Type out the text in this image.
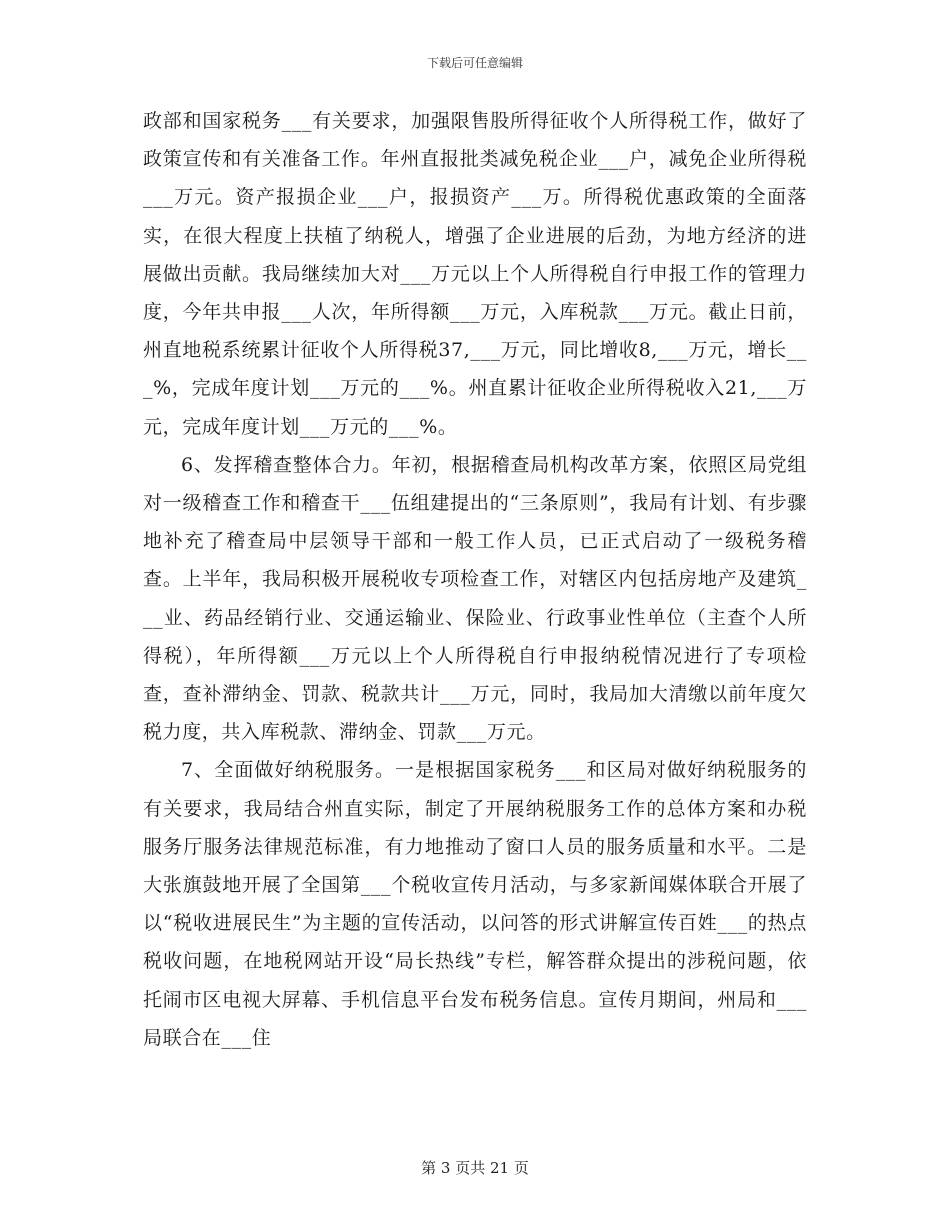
下载后可任意编辑

政部和国家税务___有关要求，加强限售股所得征收个人所得税工作，做好了政策宣传和有关准备工作。年州直报批类减免税企业___户，减免企业所得税___万元。资产报损企业___户，报损资产___万。所得税优惠政策的全面落实，在很大程度上扶植了纳税人，增强了企业进展的后劲，为地方经济的进展做出贡献。我局继续加大对___万元以上个人所得税自行申报工作的管理力度，今年共申报___人次，年所得额___万元，入库税款___万元。截止日前，州直地税系统累计征收个人所得税37,___万元，同比增收8,___万元，增长___%，完成年度计划___万元的___%。州直累计征收企业所得税收入21,___万元，完成年度计划___万元的___%。

6、发挥稽查整体合力。年初，根据稽查局机构改革方案，依照区局党组对一级稽查工作和稽查干___伍组建提出的“三条原则”，我局有计划、有步骤地补充了稽查局中层领导干部和一般工作人员，已正式启动了一级税务稽查。上半年，我局积极开展税收专项检查工作，对辖区内包括房地产及建筑___业、药品经销行业、交通运输业、保险业、行政事业性单位（主查个人所得税），年所得额___万元以上个人所得税自行申报纳税情况进行了专项检查，查补滞纳金、罚款、税款共计___万元，同时，我局加大清缴以前年度欠税力度，共入库税款、滞纳金、罚款___万元。

7、全面做好纳税服务。一是根据国家税务___和区局对做好纳税服务的有关要求，我局结合州直实际，制定了开展纳税服务工作的总体方案和办税服务厅服务法律规范标准，有力地推动了窗口人员的服务质量和水平。二是大张旗鼓地开展了全国第___个税收宣传月活动，与多家新闻媒体联合开展了以“税收进展民生”为主题的宣传活动，以问答的形式讲解宣传百姓___的热点税收问题，在地税网站开设“局长热线”专栏，解答群众提出的涉税问题，依托闹市区电视大屏幕、手机信息平台发布税务信息。宣传月期间，州局和___局联合在___住

第 3 页共 21 页
